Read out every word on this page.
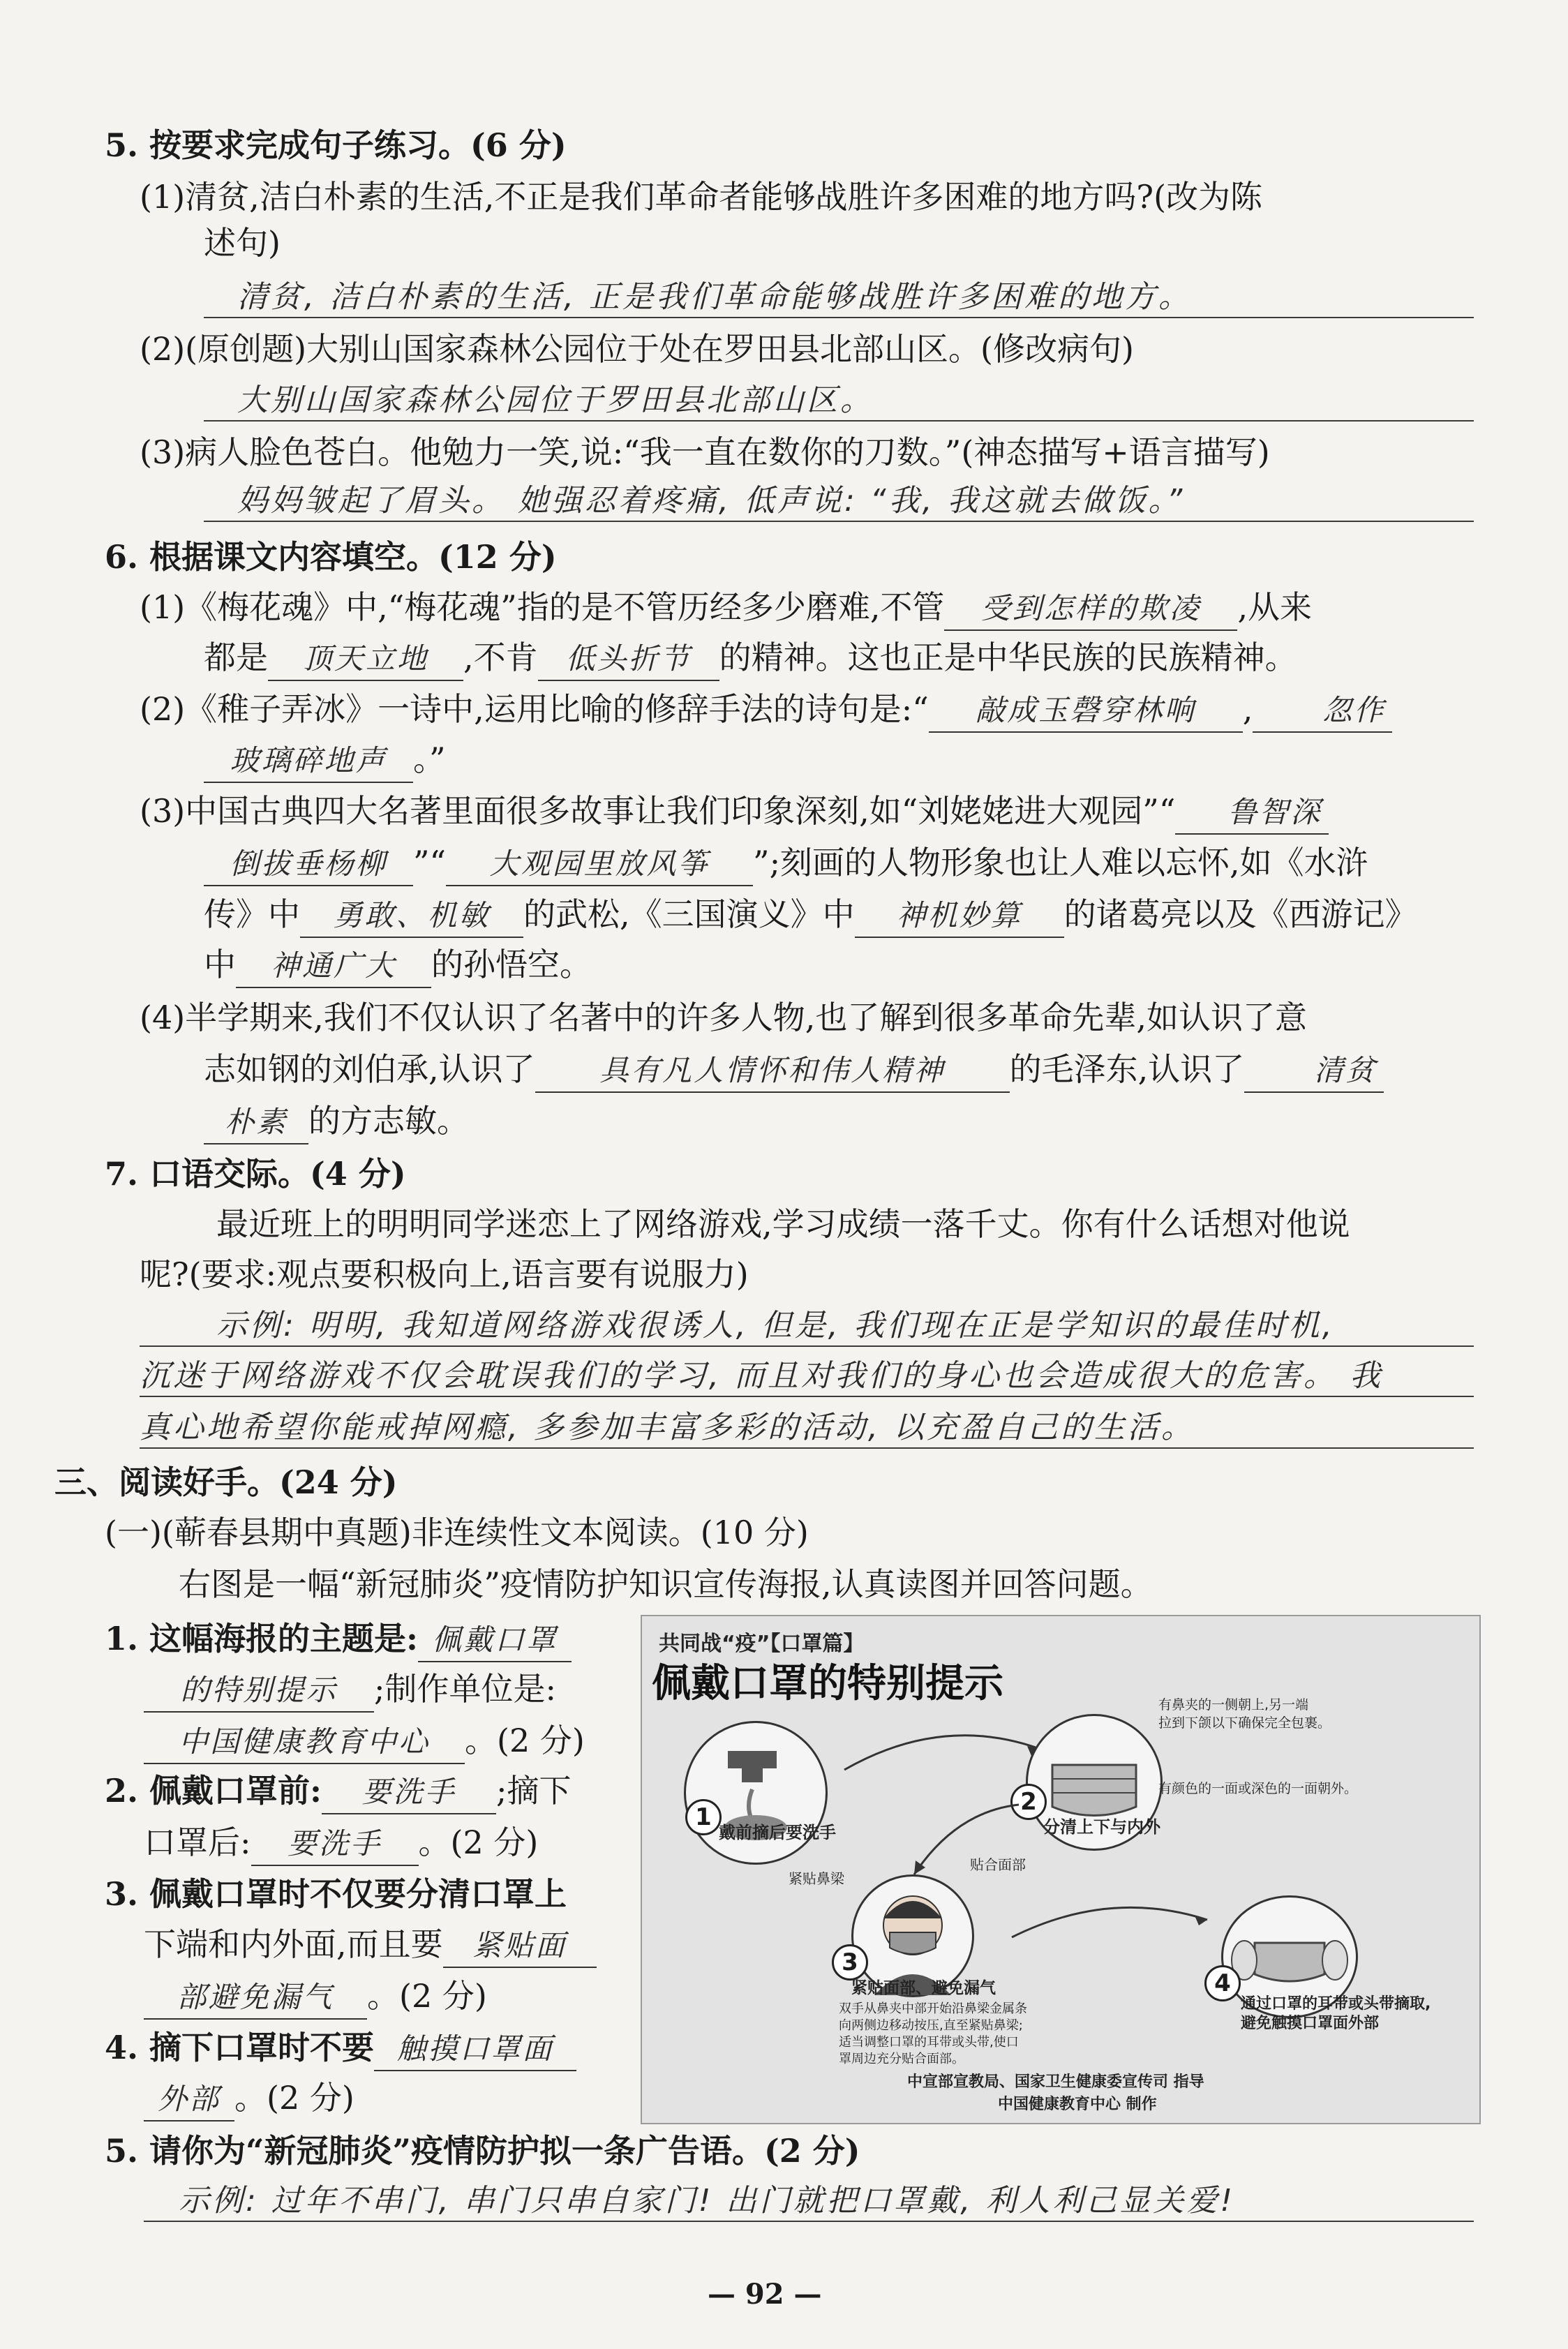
5. 按要求完成句子练习。(6 分)
(1)清贫,洁白朴素的生活,不正是我们革命者能够战胜许多困难的地方吗?(改为陈
述句)
清贫, 洁白朴素的生活, 正是我们革命能够战胜许多困难的地方。
(2)(原创题)大别山国家森林公园位于处在罗田县北部山区。(修改病句)
大别山国家森林公园位于罗田县北部山区。
(3)病人脸色苍白。他勉力一笑,说:“我一直在数你的刀数。”(神态描写+语言描写)
妈妈皱起了眉头。 她强忍着疼痛, 低声说: “我, 我这就去做饭。”
6. 根据课文内容填空。(12 分)
(1)《梅花魂》中,“梅花魂”指的是不管历经多少磨难,不管 受到怎样的欺凌 ,从来
都是 顶天立地 ,不肯 低头折节 的精神。这也正是中华民族的民族精神。
(2)《稚子弄冰》一诗中,运用比喻的修辞手法的诗句是:“ 敲成玉磬穿林响 , 忽作
玻璃碎地声 。”
(3)中国古典四大名著里面很多故事让我们印象深刻,如“刘姥姥进大观园”“ 鲁智深
倒拔垂杨柳 ”“ 大观园里放风筝 ”;刻画的人物形象也让人难以忘怀,如《水浒
传》中 勇敢、机敏 的武松,《三国演义》中 神机妙算 的诸葛亮以及《西游记》
中 神通广大 的孙悟空。
(4)半学期来,我们不仅认识了名著中的许多人物,也了解到很多革命先辈,如认识了意
志如钢的刘伯承,认识了 具有凡人情怀和伟人精神 的毛泽东,认识了 清贫
朴素 的方志敏。
7. 口语交际。(4 分)
最近班上的明明同学迷恋上了网络游戏,学习成绩一落千丈。你有什么话想对他说
呢?(要求:观点要积极向上,语言要有说服力)
示例: 明明, 我知道网络游戏很诱人, 但是, 我们现在正是学知识的最佳时机,
沉迷于网络游戏不仅会耽误我们的学习, 而且对我们的身心也会造成很大的危害。 我
真心地希望你能戒掉网瘾, 多参加丰富多彩的活动, 以充盈自己的生活。
三、阅读好手。(24 分)
(一)(蕲春县期中真题)非连续性文本阅读。(10 分)
右图是一幅“新冠肺炎”疫情防护知识宣传海报,认真读图并回答问题。
1. 这幅海报的主题是: 佩戴口罩
的特别提示 ;制作单位是:
中国健康教育中心 。(2 分)
2. 佩戴口罩前: 要洗手 ;摘下
口罩后: 要洗手 。(2 分)
3. 佩戴口罩时不仅要分清口罩上
下端和内外面,而且要 紧贴面
部避免漏气 。(2 分)
4. 摘下口罩时不要 触摸口罩面
外部 。(2 分)
5. 请你为“新冠肺炎”疫情防护拟一条广告语。(2 分)
示例: 过年不串门, 串门只串自家门! 出门就把口罩戴, 利人利己显关爱!
共同战“疫”【口罩篇】
佩戴口罩的特别提示
1
戴前摘后要洗手
2
分清上下与内外
有鼻夹的一侧朝上,另一端
拉到下颌以下确保完全包裹。
有颜色的一面或深色的一面朝外。
紧贴鼻梁
贴合面部
3
紧贴面部、避免漏气
双手从鼻夹中部开始沿鼻梁金属条
向两侧边移动按压,直至紧贴鼻梁;
适当调整口罩的耳带或头带,使口
罩周边充分贴合面部。
4
通过口罩的耳带或头带摘取,
避免触摸口罩面外部
中宣部宣教局、国家卫生健康委宣传司 指导
中国健康教育中心 制作
— 92 —
